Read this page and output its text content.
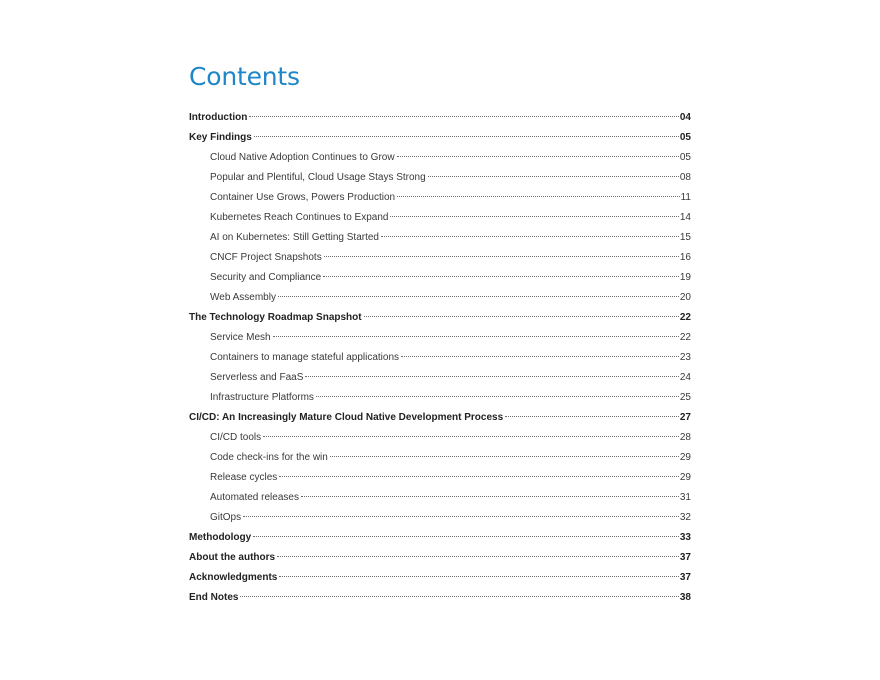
Contents
Introduction	04
Key Findings	05
Cloud Native Adoption Continues to Grow	05
Popular and Plentiful, Cloud Usage Stays Strong	08
Container Use Grows, Powers Production	11
Kubernetes Reach Continues to Expand	14
AI on Kubernetes: Still Getting Started	15
CNCF Project Snapshots	16
Security and Compliance	19
Web Assembly	20
The Technology Roadmap Snapshot	22
Service Mesh	22
Containers to manage stateful applications	23
Serverless and FaaS	24
Infrastructure Platforms	25
CI/CD: An Increasingly Mature Cloud Native Development Process	27
CI/CD tools	28
Code check-ins for the win	29
Release cycles	29
Automated releases	31
GitOps	32
Methodology	33
About the authors	37
Acknowledgments	37
End Notes	38
